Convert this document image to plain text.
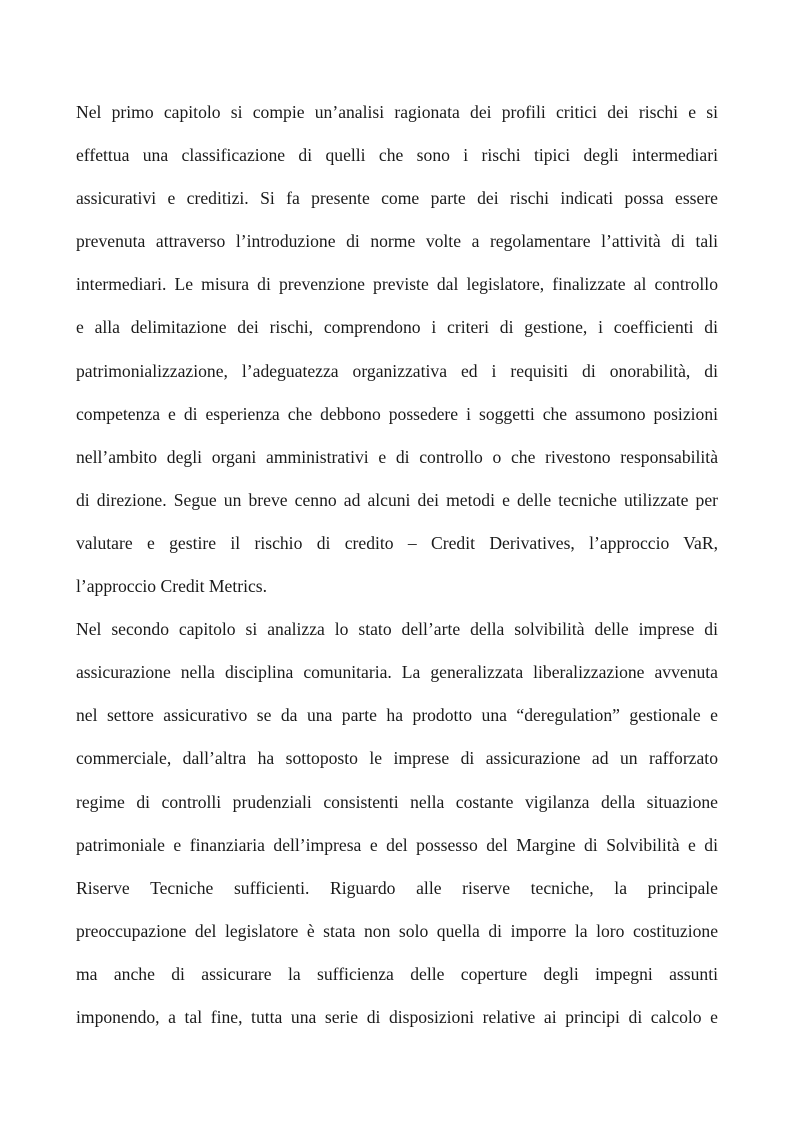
Nel primo capitolo si compie un’analisi ragionata dei profili critici dei rischi e si
effettua una classificazione di quelli che sono i rischi tipici degli intermediari
assicurativi e creditizi. Si fa presente come parte dei rischi indicati possa essere
prevenuta attraverso l’introduzione di norme volte a regolamentare l’attività di tali
intermediari. Le misura di prevenzione previste dal legislatore, finalizzate al controllo
e alla delimitazione dei rischi, comprendono i criteri di gestione, i coefficienti di
patrimonializzazione, l’adeguatezza organizzativa ed i requisiti di onorabilità, di
competenza e di esperienza che debbono possedere i soggetti che assumono posizioni
nell’ambito degli organi amministrativi e di controllo o che rivestono responsabilità
di direzione. Segue un breve cenno ad alcuni dei metodi e delle tecniche utilizzate per
valutare e gestire il rischio di credito – Credit Derivatives, l’approccio VaR,
l’approccio Credit Metrics.
Nel secondo capitolo si analizza lo stato dell’arte della solvibilità delle imprese di
assicurazione nella disciplina comunitaria. La generalizzata liberalizzazione avvenuta
nel settore assicurativo se da una parte ha prodotto una “deregulation” gestionale e
commerciale, dall’altra ha sottoposto le imprese di assicurazione ad un rafforzato
regime di controlli prudenziali consistenti nella costante vigilanza della situazione
patrimoniale e finanziaria dell’impresa e del possesso del Margine di Solvibilità e di
Riserve Tecniche sufficienti. Riguardo alle riserve tecniche, la principale
preoccupazione del legislatore è stata non solo quella di imporre la loro costituzione
ma anche di assicurare la sufficienza delle coperture degli impegni assunti
imponendo, a tal fine, tutta una serie di disposizioni relative ai principi di calcolo e
